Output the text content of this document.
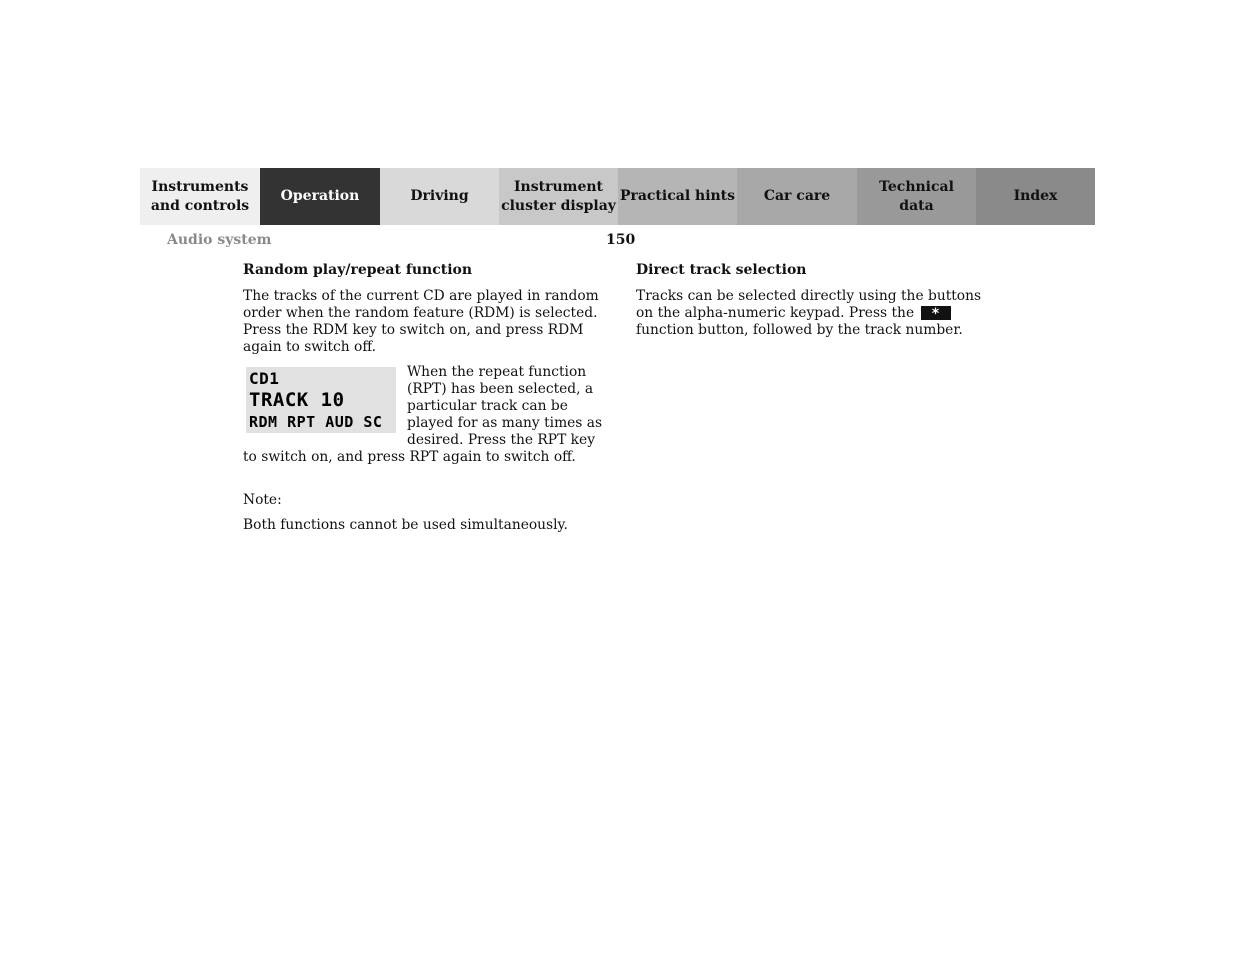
Instruments
and controls
Operation	Driving
Instrument
cluster display
Practical hints	Car care
Technical
data
Index
Audio system	150
Random play/repeat function

The tracks of the current CD are played in random order when the random feature (RDM) is selected. Press the RDM key to switch on, and press RDM again to switch off.

CD1
TRACK 10
RDM RPT AUD SC

When the repeat function (RPT) has been selected, a particular track can be played for as many times as desired. Press the RPT key to switch on, and press RPT again to switch off.

Note:

Both functions cannot be used simultaneously.

Direct track selection

Tracks can be selected directly using the buttons on the alpha-numeric keypad. Press the * function button, followed by the track number.
